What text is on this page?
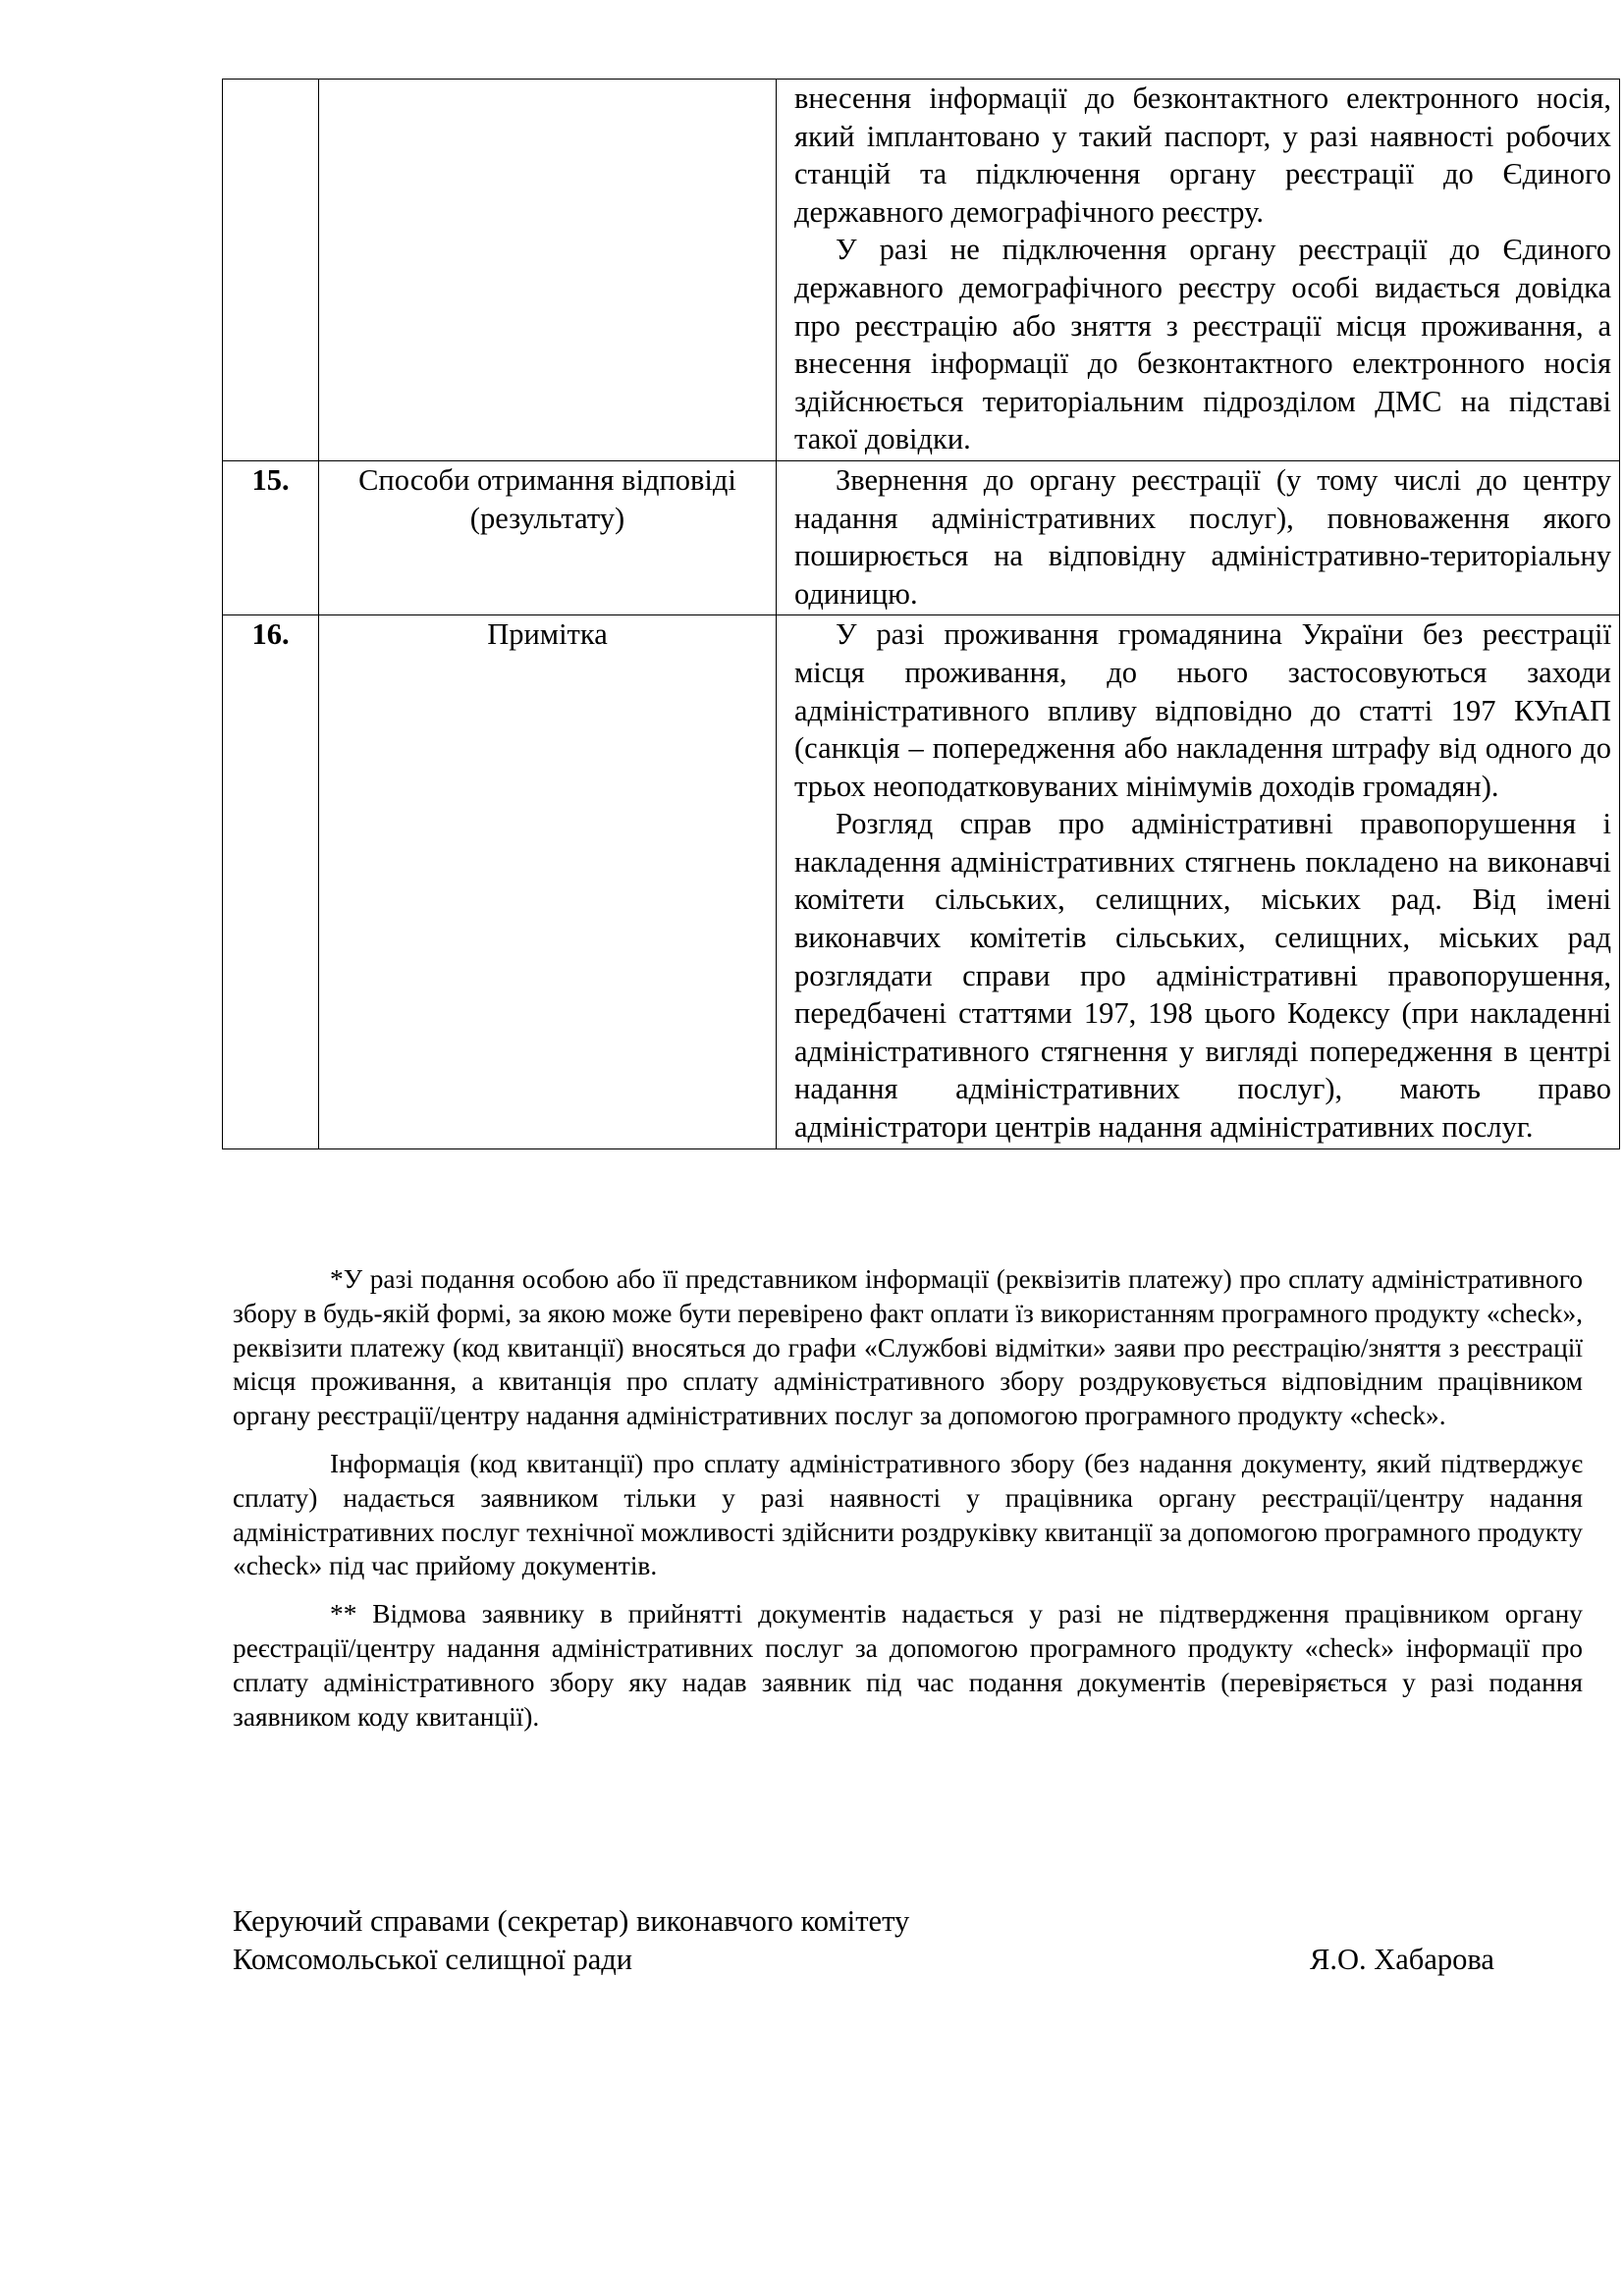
		внесення інформації до безконтактного електронного носія, який імплантовано у такий паспорт, у разі наявності робочих станцій та підключення органу реєстрації до Єдиного державного демографічного реєстру.

У разі не підключення органу реєстрації до Єдиного державного демографічного реєстру особі видається довідка про реєстрацію або зняття з реєстрації місця проживання, а внесення інформації до безконтактного електронного носія здійснюється територіальним підрозділом ДМС на підставі такої довідки.

15.	Способи отримання відповіді (результату)	Звернення до органу реєстрації (у тому числі до центру надання адміністративних послуг), повноваження якого поширюється на відповідну адміністративно-територіальну одиницю.

16.	Примітка	У разі проживання громадянина України без реєстрації місця проживання, до нього застосовуються заходи адміністративного впливу відповідно до статті 197 КУпАП (санкція – попередження або накладення штрафу від одного до трьох неоподатковуваних мінімумів доходів громадян).

Розгляд справ про адміністративні правопорушення і накладення адміністративних стягнень покладено на виконавчі комітети сільських, селищних, міських рад. Від імені виконавчих комітетів сільських, селищних, міських рад розглядати справи про адміністративні правопорушення, передбачені статтями 197, 198 цього Кодексу (при накладенні адміністративного стягнення у вигляді попередження в центрі надання адміністративних послуг), мають право адміністратори центрів надання адміністративних послуг.

*У разі подання особою або її представником інформації (реквізитів платежу) про сплату адміністративного збору в будь-якій формі, за якою може бути перевірено факт оплати їз використанням програмного продукту «check», реквізити платежу (код квитанції) вносяться до графи «Службові відмітки» заяви про реєстрацію/зняття з реєстрації місця проживання, а квитанція про сплату адміністративного збору роздруковується відповідним працівником органу реєстрації/центру надання адміністративних послуг за допомогою програмного продукту «check».

Інформація (код квитанції) про сплату адміністративного збору (без надання документу, який підтверджує сплату) надається заявником тільки у разі наявності у працівника органу реєстрації/центру надання адміністративних послуг технічної можливості здійснити роздруківку квитанції за допомогою програмного продукту «check» під час прийому документів.

** Відмова заявнику в прийнятті документів надається у разі не підтвердження працівником органу реєстрації/центру надання адміністративних послуг за допомогою програмного продукту «check» інформації про сплату адміністративного збору яку надав заявник під час подання документів (перевіряється у разі подання заявником коду квитанції).

Керуючий справами (секретар) виконавчого комітету
Комсомольської селищної ради	Я.О. Хабарова
